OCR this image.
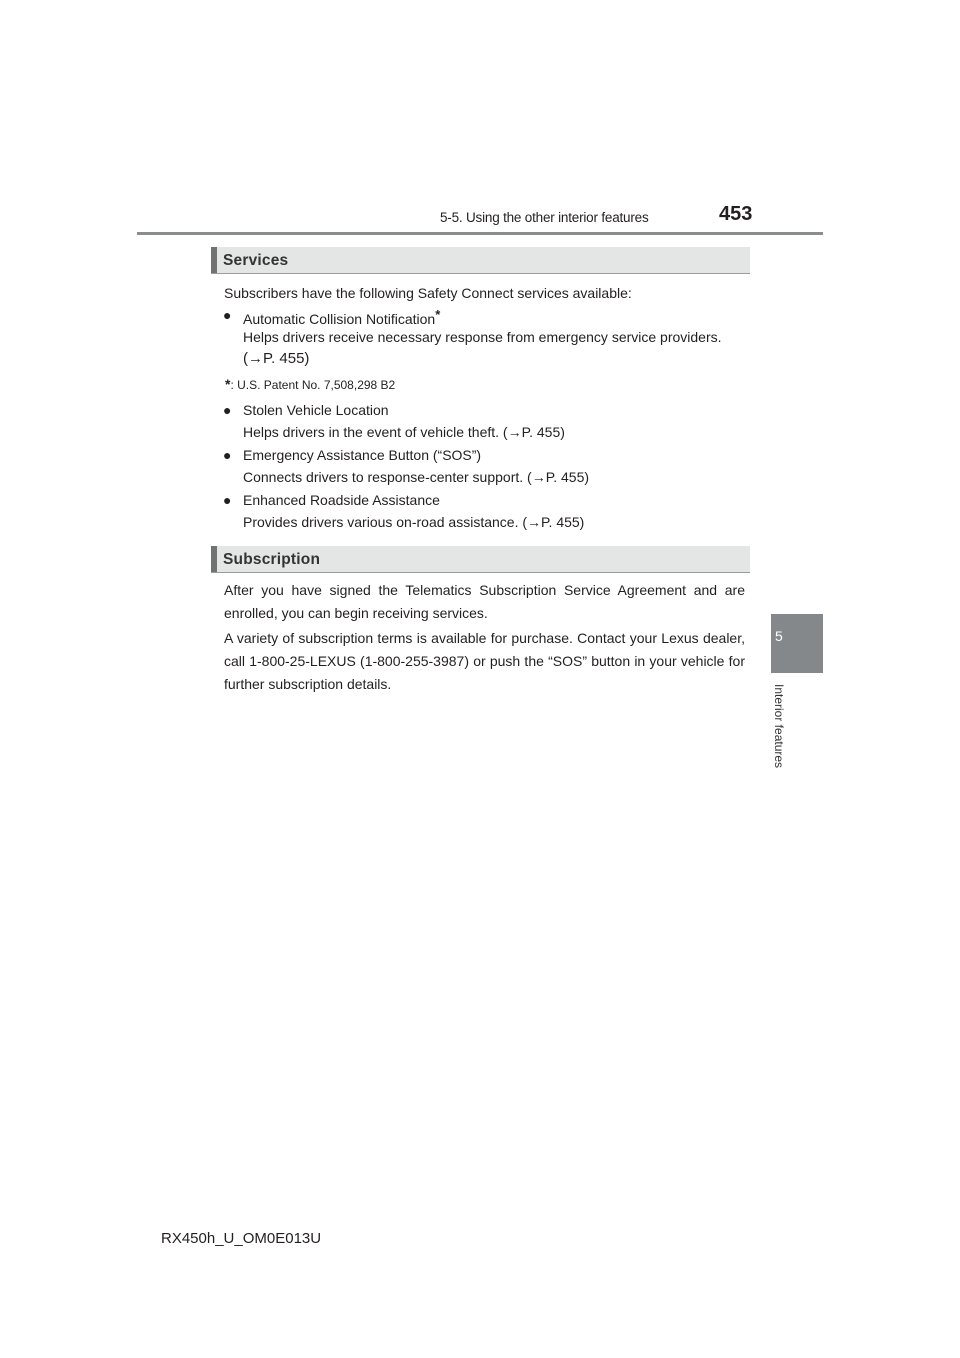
5-5. Using the other interior features	453
5
Interior features
Services
Subscribers have the following Safety Connect services available:
● Automatic Collision Notification*
Helps drivers receive necessary response from emergency service providers.
(→P. 455)
*: U.S. Patent No. 7,508,298 B2
● Stolen Vehicle Location
Helps drivers in the event of vehicle theft. (→P. 455)
● Emergency Assistance Button (“SOS”)
Connects drivers to response-center support. (→P. 455)
● Enhanced Roadside Assistance
Provides drivers various on-road assistance. (→P. 455)
Subscription
After you have signed the Telematics Subscription Service Agreement and are enrolled, you can begin receiving services.
A variety of subscription terms is available for purchase. Contact your Lexus dealer, call 1-800-25-LEXUS (1-800-255-3987) or push the “SOS” button in your vehicle for further subscription details.
RX450h_U_OM0E013U
